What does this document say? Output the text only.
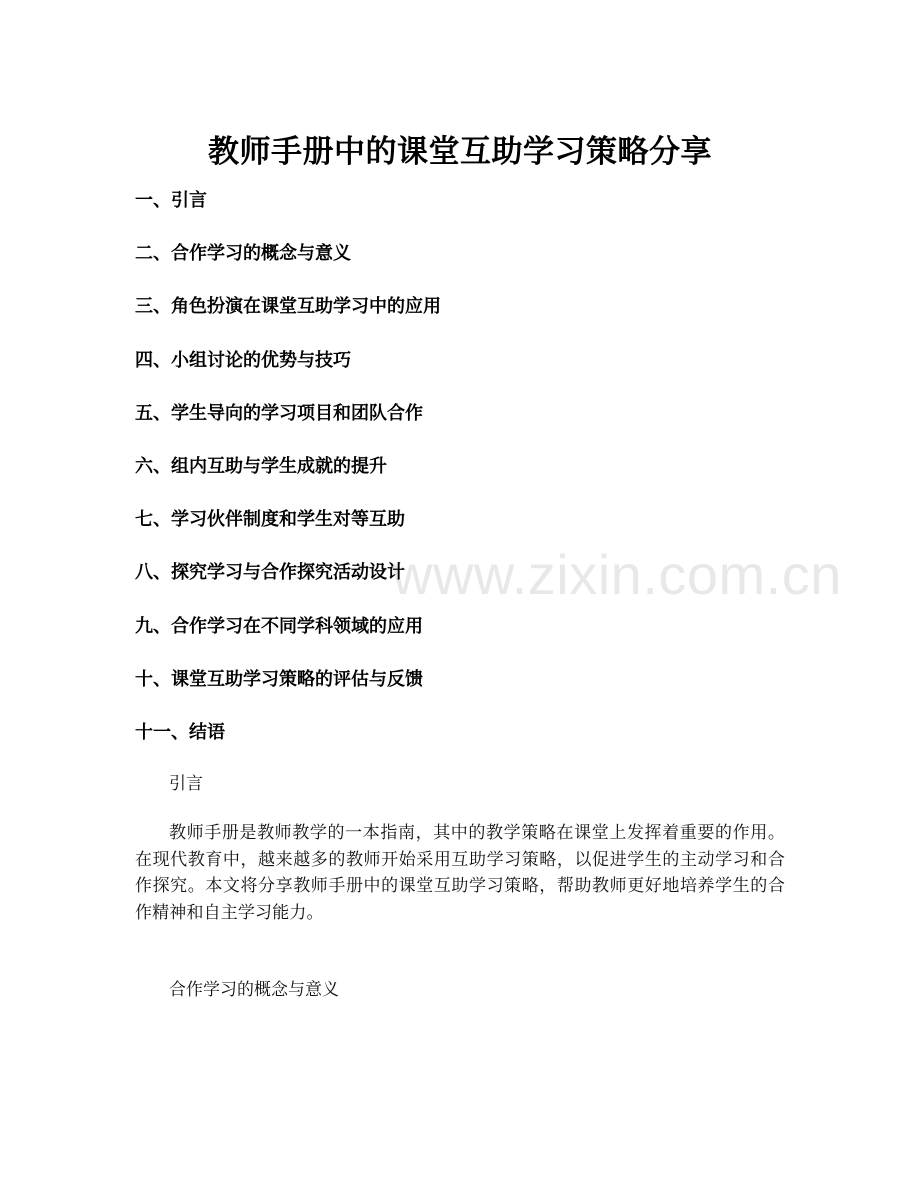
教师手册中的课堂互助学习策略分享
一、引言
二、合作学习的概念与意义
三、角色扮演在课堂互助学习中的应用
四、小组讨论的优势与技巧
五、学生导向的学习项目和团队合作
六、组内互助与学生成就的提升
七、学习伙伴制度和学生对等互助
八、探究学习与合作探究活动设计
九、合作学习在不同学科领域的应用
十、课堂互助学习策略的评估与反馈
十一、结语
引言

教师手册是教师教学的一本指南，其中的教学策略在课堂上发挥着重要的作用。在现代教育中，越来越多的教师开始采用互助学习策略，以促进学生的主动学习和合作探究。本文将分享教师手册中的课堂互助学习策略，帮助教师更好地培养学生的合作精神和自主学习能力。

合作学习的概念与意义
www.zixin.com.cn
